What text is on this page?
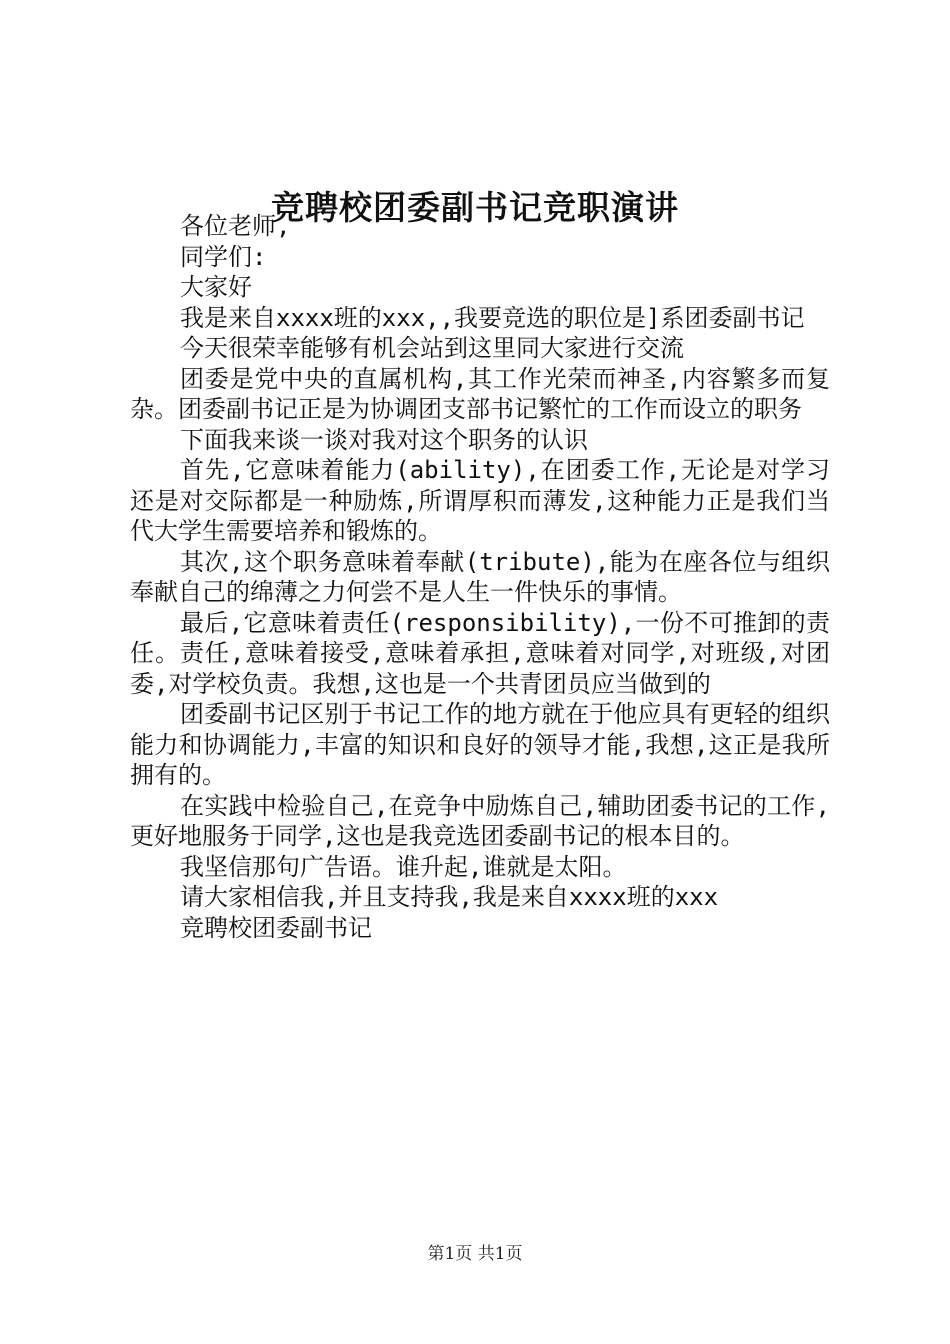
竞聘校团委副书记竞职演讲

各位老师,

同学们:

大家好

我是来自xxxx班的xxx,,我要竞选的职位是]系团委副书记

今天很荣幸能够有机会站到这里同大家进行交流

团委是党中央的直属机构,其工作光荣而神圣,内容繁多而复杂。团委副书记正是为协调团支部书记繁忙的工作而设立的职务

下面我来谈一谈对我对这个职务的认识

首先,它意味着能力(ability),在团委工作,无论是对学习还是对交际都是一种励炼,所谓厚积而薄发,这种能力正是我们当代大学生需要培养和锻炼的。

其次,这个职务意味着奉献(tribute),能为在座各位与组织奉献自己的绵薄之力何尝不是人生一件快乐的事情。

最后,它意味着责任(responsibility),一份不可推卸的责任。责任,意味着接受,意味着承担,意味着对同学,对班级,对团委,对学校负责。我想,这也是一个共青团员应当做到的

团委副书记区别于书记工作的地方就在于他应具有更轻的组织能力和协调能力,丰富的知识和良好的领导才能,我想,这正是我所拥有的。

在实践中检验自己,在竞争中励炼自己,辅助团委书记的工作,更好地服务于同学,这也是我竞选团委副书记的根本目的。

我坚信那句广告语。谁升起,谁就是太阳。

请大家相信我,并且支持我,我是来自xxxx班的xxx

竞聘校团委副书记

第1页 共1页
